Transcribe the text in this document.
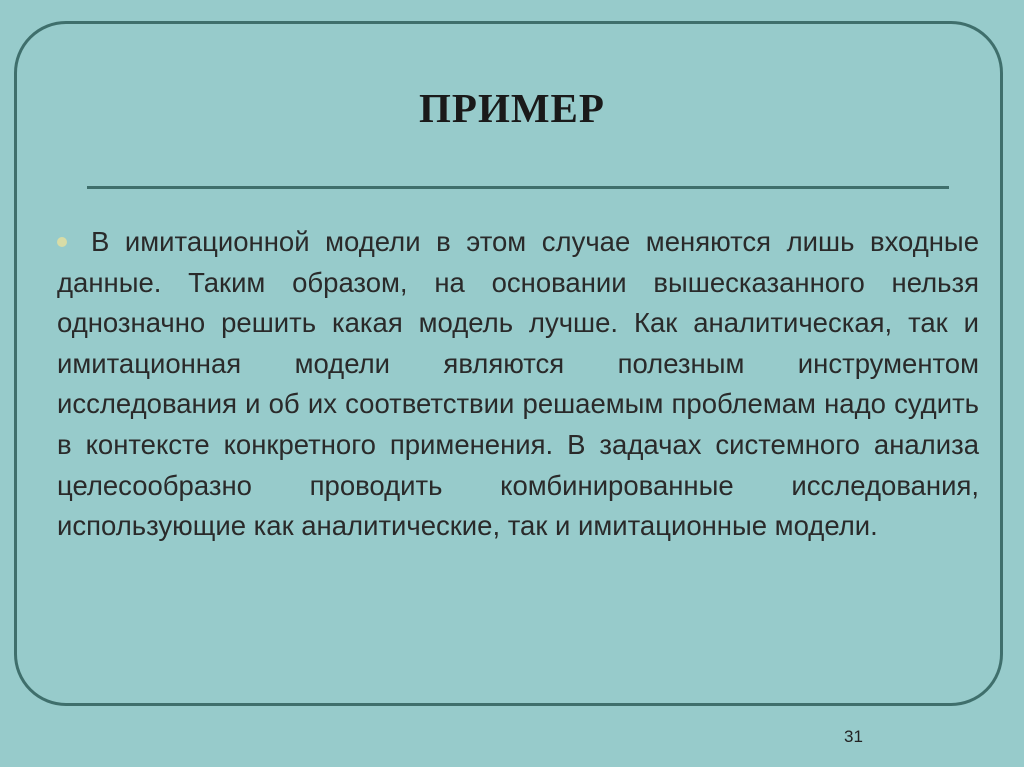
ПРИМЕР

В имитационной модели в этом случае меняются лишь входные данные. Таким образом, на основании вышесказанного нельзя однозначно решить какая модель лучше. Как аналитическая, так и имитационная модели являются полезным инструментом исследования и об их соответствии решаемым проблемам надо судить в контексте конкретного применения. В задачах системного анализа целесообразно проводить комбинированные исследования, использующие как аналитические, так и имитационные модели.

31
